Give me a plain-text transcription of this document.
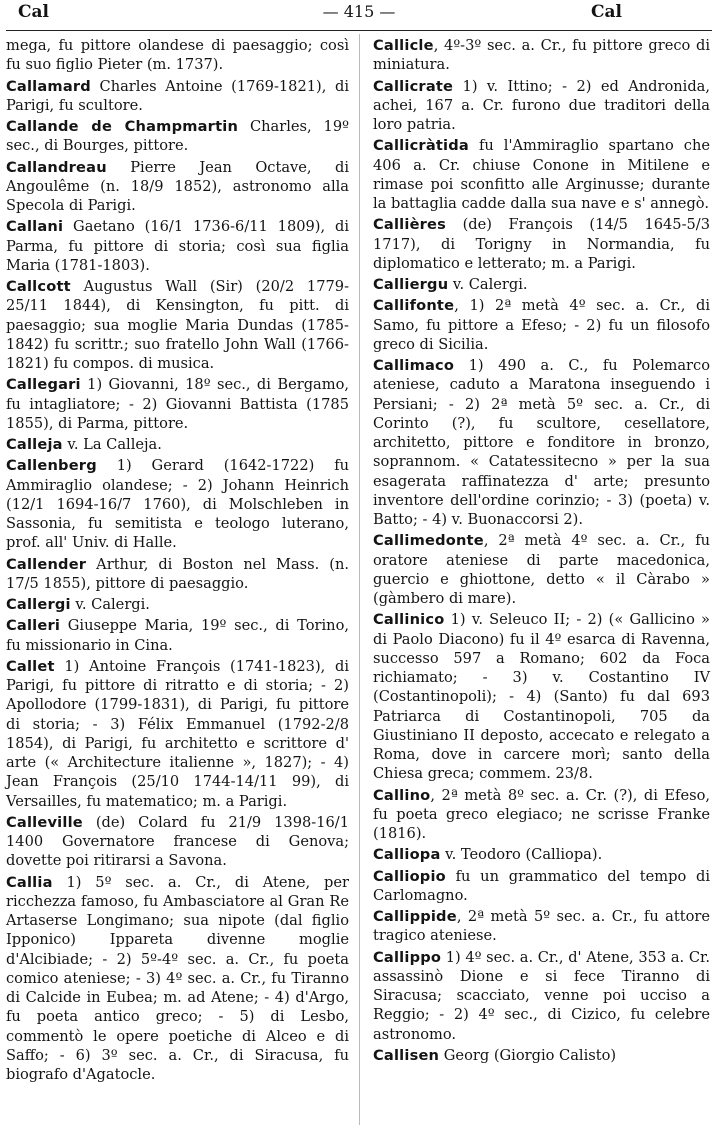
Cal	— 415 —	Cal

mega, fu pittore olandese di paesaggio; così fu suo figlio Pieter (m. 1737).

Callamard Charles Antoine (1769-1821), di Parigi, fu scultore.

Callande de Champmartin Charles, 19º sec., di Bourges, pittore.

Callandreau Pierre Jean Octave, di Angoulême (n. 18/9 1852), astronomo alla Specola di Parigi.

Callani Gaetano (16/1 1736-6/11 1809), di Parma, fu pittore di storia; così sua figlia Maria (1781-1803).

Callcott Augustus Wall (Sir) (20/2 1779-25/11 1844), di Kensington, fu pitt. di paesaggio; sua moglie Maria Dundas (1785-1842) fu scrittr.; suo fratello John Wall (1766-1821) fu compos. di musica.

Callegari 1) Giovanni, 18º sec., di Bergamo, fu intagliatore; - 2) Giovanni Battista (1785 1855), di Parma, pittore.

Calleja v. La Calleja.

Callenberg 1) Gerard (1642-1722) fu Ammiraglio olandese; - 2) Johann Heinrich (12/1 1694-16/7 1760), di Molschleben in Sassonia, fu semitista e teologo luterano, prof. all' Univ. di Halle.

Callender Arthur, di Boston nel Mass. (n. 17/5 1855), pittore di paesaggio.

Callergi v. Calergi.

Calleri Giuseppe Maria, 19º sec., di Torino, fu missionario in Cina.

Callet 1) Antoine François (1741-1823), di Parigi, fu pittore di ritratto e di storia; - 2) Apollodore (1799-1831), di Parigi, fu pittore di storia; - 3) Félix Emmanuel (1792-2/8 1854), di Parigi, fu architetto e scrittore d' arte (« Architecture italienne », 1827); - 4) Jean François (25/10 1744-14/11 99), di Versailles, fu matematico; m. a Parigi.

Calleville (de) Colard fu 21/9 1398-16/1 1400 Governatore francese di Genova; dovette poi ritirarsi a Savona.

Callia 1) 5º sec. a. Cr., di Atene, per ricchezza famoso, fu Ambasciatore al Gran Re Artaserse Longimano; sua nipote (dal figlio Ipponico) Ippareta divenne moglie d'Alcibiade; - 2) 5º-4º sec. a. Cr., fu poeta comico ateniese; - 3) 4º sec. a. Cr., fu Tiranno di Calcide in Eubea; m. ad Atene; - 4) d'Argo, fu poeta antico greco; - 5) di Lesbo, commentò le opere poetiche di Alceo e di Saffo; - 6) 3º sec. a. Cr., di Siracusa, fu biografo d'Agatocle.

Callicle, 4º-3º sec. a. Cr., fu pittore greco di miniatura.

Callicrate 1) v. Ittino; - 2) ed Andronida, achei, 167 a. Cr. furono due traditori della loro patria.

Callicràtida fu l'Ammiraglio spartano che 406 a. Cr. chiuse Conone in Mitilene e rimase poi sconfitto alle Arginusse; durante la battaglia cadde dalla sua nave e s' annegò.

Callières (de) François (14/5 1645-5/3 1717), di Torigny in Normandia, fu diplomatico e letterato; m. a Parigi.

Calliergu v. Calergi.

Callifonte, 1) 2ª metà 4º sec. a. Cr., di Samo, fu pittore a Efeso; - 2) fu un filosofo greco di Sicilia.

Callimaco 1) 490 a. C., fu Polemarco ateniese, caduto a Maratona inseguendo i Persiani; - 2) 2ª metà 5º sec. a. Cr., di Corinto (?), fu scultore, cesellatore, architetto, pittore e fonditore in bronzo, soprannom. « Catatessitecno » per la sua esagerata raffinatezza d' arte; presunto inventore dell'ordine corinzio; - 3) (poeta) v. Batto; - 4) v. Buonaccorsi 2).

Callimedonte, 2ª metà 4º sec. a. Cr., fu oratore ateniese di parte macedonica, guercio e ghiottone, detto « il Càrabo » (gàmbero di mare).

Callinico 1) v. Seleuco II; - 2) (« Gallicino » di Paolo Diacono) fu il 4º esarca di Ravenna, successo 597 a Romano; 602 da Foca richiamato; - 3) v. Costantino IV (Costantinopoli); - 4) (Santo) fu dal 693 Patriarca di Costantinopoli, 705 da Giustiniano II deposto, accecato e relegato a Roma, dove in carcere morì; santo della Chiesa greca; commem. 23/8.

Callino, 2ª metà 8º sec. a. Cr. (?), di Efeso, fu poeta greco elegiaco; ne scrisse Franke (1816).

Calliopa v. Teodoro (Calliopa).

Calliopio fu un grammatico del tempo di Carlomagno.

Callippide, 2ª metà 5º sec. a. Cr., fu attore tragico ateniese.

Callippo 1) 4º sec. a. Cr., d' Atene, 353 a. Cr. assassinò Dione e si fece Tiranno di Siracusa; scacciato, venne poi ucciso a Reggio; - 2) 4º sec., di Cizico, fu celebre astronomo.

Callisen Georg (Giorgio Calisto)
